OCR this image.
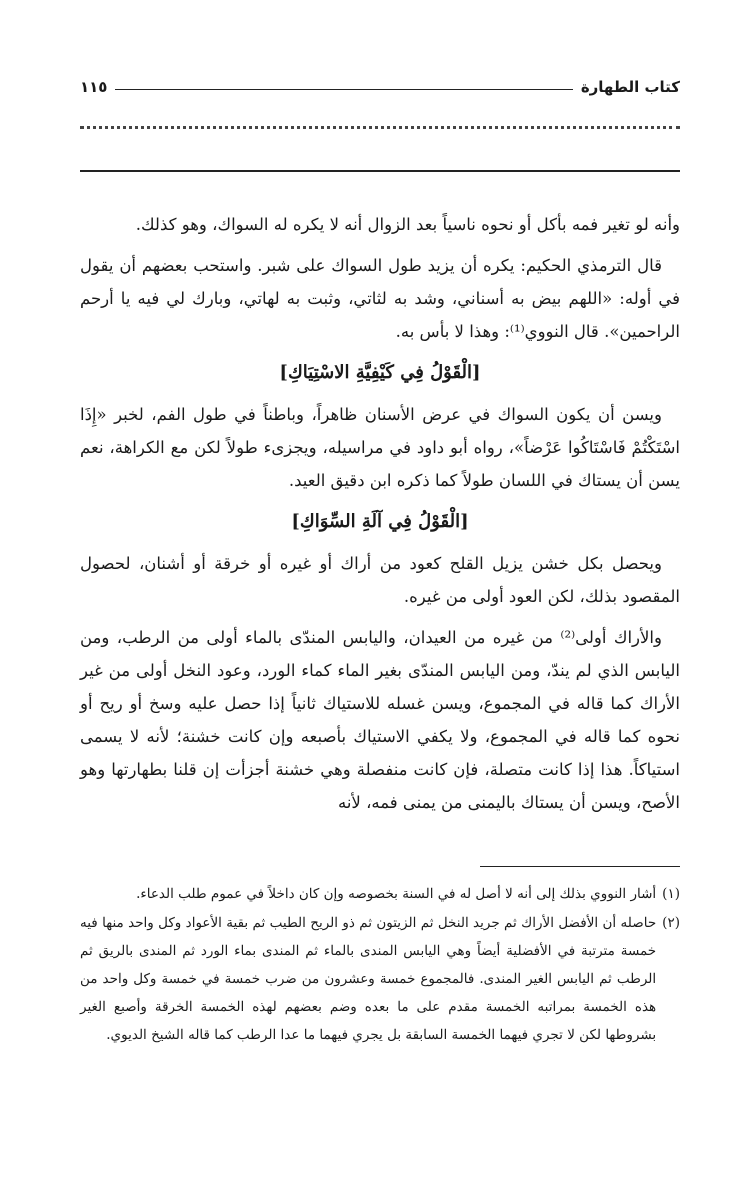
كتاب الطهارة
١١٥

وأنه لو تغير فمه بأكل أو نحوه ناسياً بعد الزوال أنه لا يكره له السواك، وهو كذلك.

قال الترمذي الحكيم: يكره أن يزيد طول السواك على شبر. واستحب بعضهم أن يقول في أوله: «اللهم بيض به أسناني، وشد به لثاتي، وثبت به لهاتي، وبارك لي فيه يا أرحم الراحمين». قال النووي⁽¹⁾: وهذا لا بأس به.

[الْقَوْلُ فِي كَيْفِيَّةِ الاسْتِيَاكِ]

ويسن أن يكون السواك في عرض الأسنان ظاهراً، وباطناً في طول الفم، لخبر «إِذَا اسْتَكْتُمْ فَاسْتَاكُوا عَرْضاً»، رواه أبو داود في مراسيله، ويجزىء طولاً لكن مع الكراهة، نعم يسن أن يستاك في اللسان طولاً كما ذكره ابن دقيق العيد.

[الْقَوْلُ فِي آلَةِ السِّوَاكِ]

ويحصل بكل خشن يزيل القلح كعود من أراك أو غيره أو خرقة أو أشنان، لحصول المقصود بذلك، لكن العود أولى من غيره.

والأراك أولى⁽²⁾ من غيره من العيدان، واليابس المندّى بالماء أولى من الرطب، ومن اليابس الذي لم يندّ، ومن اليابس المندّى بغير الماء كماء الورد، وعود النخل أولى من غير الأراك كما قاله في المجموع، ويسن غسله للاستياك ثانياً إذا حصل عليه وسخ أو ريح أو نحوه كما قاله في المجموع، ولا يكفي الاستياك بأصبعه وإن كانت خشنة؛ لأنه لا يسمى استياكاً. هذا إذا كانت متصلة، فإن كانت منفصلة وهي خشنة أجزأت إن قلنا بطهارتها وهو الأصح، ويسن أن يستاك باليمنى من يمنى فمه، لأنه

(١)
أشار النووي بذلك إلى أنه لا أصل له في السنة بخصوصه وإن كان داخلاً في عموم طلب الدعاء.
(٢)
حاصله أن الأفضل الأراك ثم جريد النخل ثم الزيتون ثم ذو الريح الطيب ثم بقية الأعواد وكل واحد منها فيه خمسة مترتبة في الأفضلية أيضاً وهي اليابس المندى بالماء ثم المندى بماء الورد ثم المندى بالريق ثم الرطب ثم اليابس الغير المندى. فالمجموع خمسة وعشرون من ضرب خمسة في خمسة وكل واحد من هذه الخمسة بمراتبه الخمسة مقدم على ما بعده وضم بعضهم لهذه الخمسة الخرقة وأصبع الغير بشروطها لكن لا تجري فيهما الخمسة السابقة بل يجري فيهما ما عدا الرطب كما قاله الشيخ الديوي.
